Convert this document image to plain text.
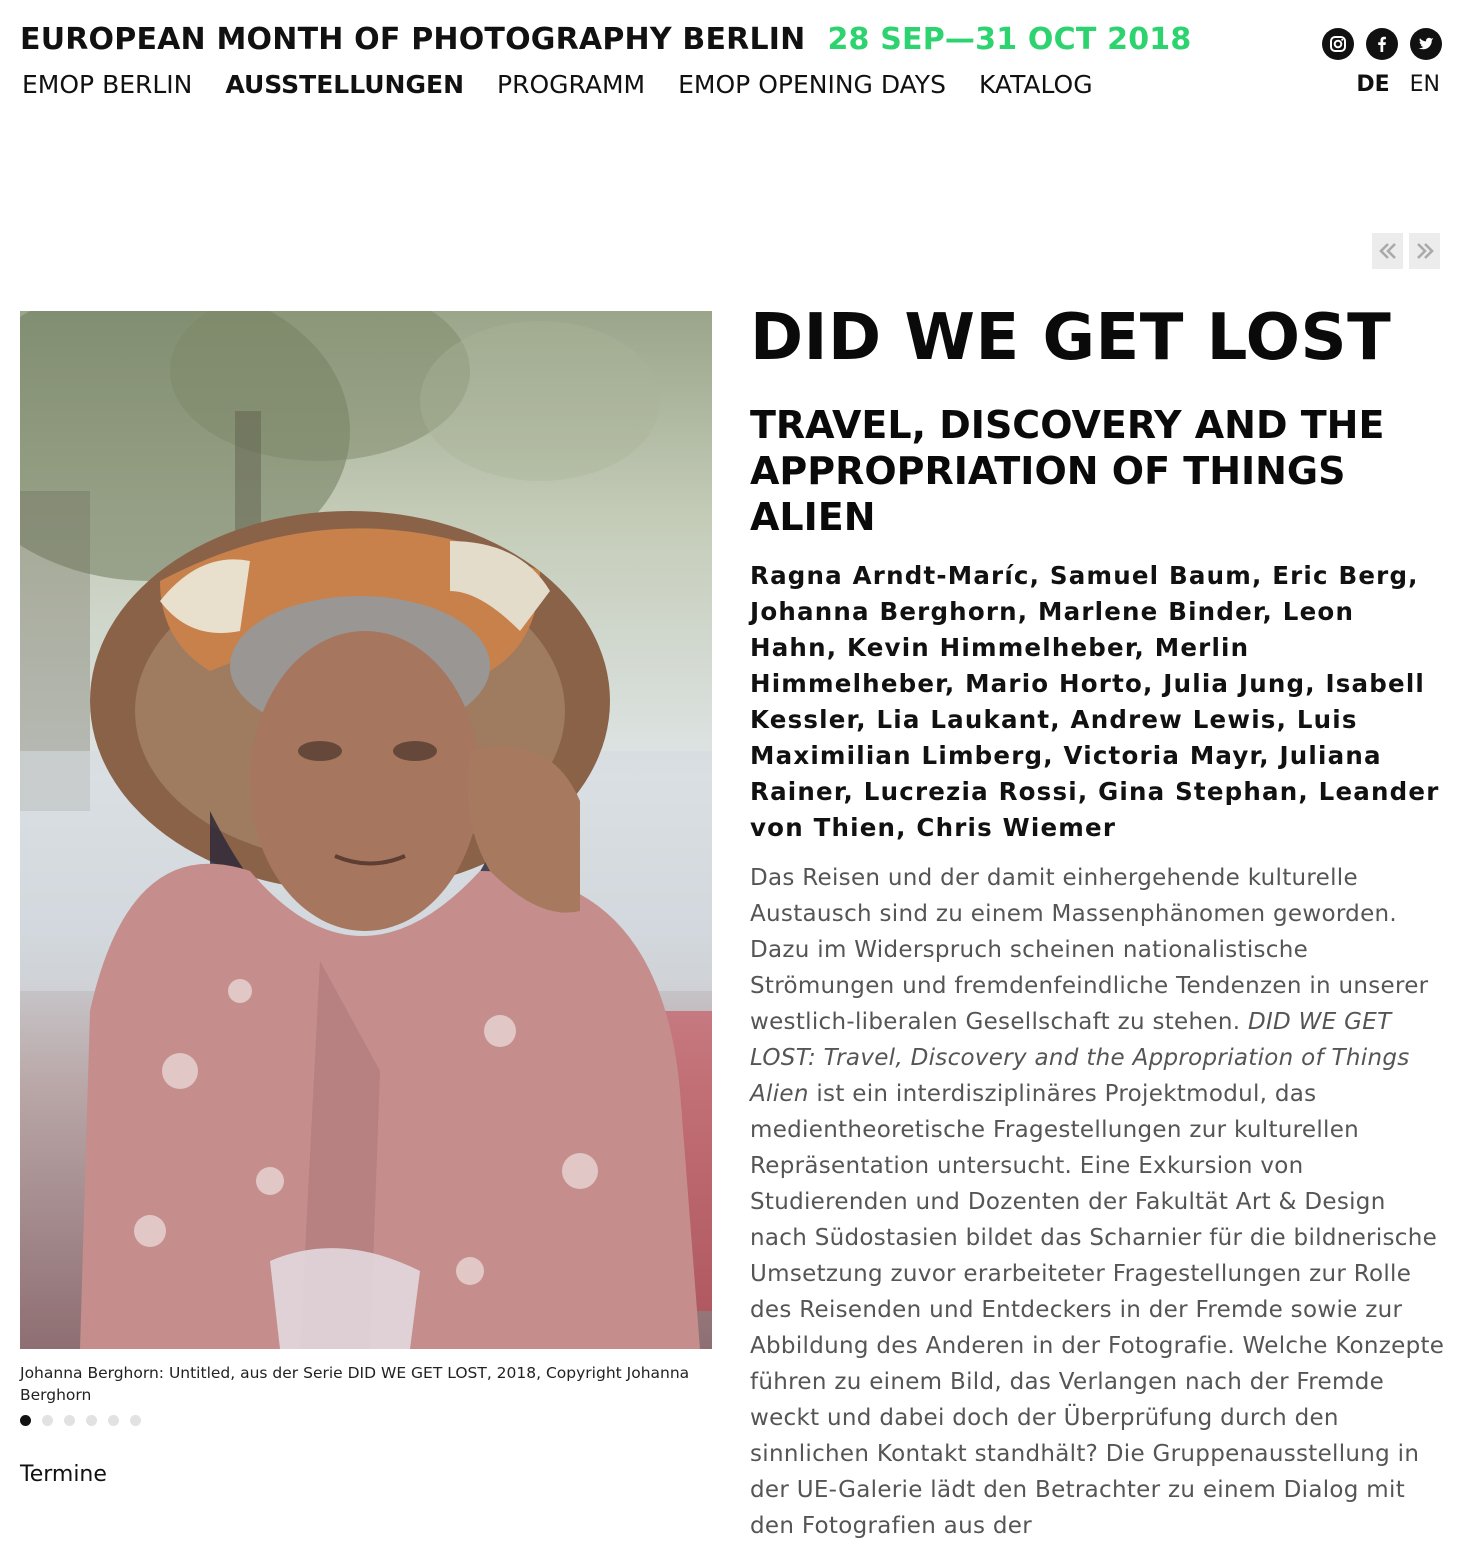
EUROPEAN MONTH OF PHOTOGRAPHY BERLIN 28 SEP—31 OCT 2018
EMOP BERLIN AUSSTELLUNGEN PROGRAMM EMOP OPENING DAYS KATALOG	DE EN
Johanna Berghorn: Untitled, aus der Serie DID WE GET LOST, 2018, Copyright Johanna Berghorn
Termine
DID WE GET LOST
TRAVEL, DISCOVERY AND THE APPROPRIATION OF THINGS ALIEN

Ragna Arndt-Maríc, Samuel Baum, Eric Berg, Johanna Berghorn, Marlene Binder, Leon Hahn, Kevin Himmelheber, Merlin Himmelheber, Mario Horto, Julia Jung, Isabell Kessler, Lia Laukant, Andrew Lewis, Luis Maximilian Limberg, Victoria Mayr, Juliana Rainer, Lucrezia Rossi, Gina Stephan, Leander von Thien, Chris Wiemer

Das Reisen und der damit einhergehende kulturelle Austausch sind zu einem Massenphänomen geworden. Dazu im Widerspruch scheinen nationalistische Strömungen und fremdenfeindliche Tendenzen in unserer westlich-liberalen Gesellschaft zu stehen. DID WE GET LOST: Travel, Discovery and the Appropriation of Things Alien ist ein interdisziplinäres Projektmodul, das medientheoretische Fragestellungen zur kulturellen Repräsentation untersucht. Eine Exkursion von Studierenden und Dozenten der Fakultät Art & Design nach Südostasien bildet das Scharnier für die bildnerische Umsetzung zuvor erarbeiteter Fragestellungen zur Rolle des Reisenden und Entdeckers in der Fremde sowie zur Abbildung des Anderen in der Fotografie. Welche Konzepte führen zu einem Bild, das Verlangen nach der Fremde weckt und dabei doch der Überprüfung durch den sinnlichen Kontakt standhält? Die Gruppenausstellung in der UE-Galerie lädt den Betrachter zu einem Dialog mit den Fotografien aus der
